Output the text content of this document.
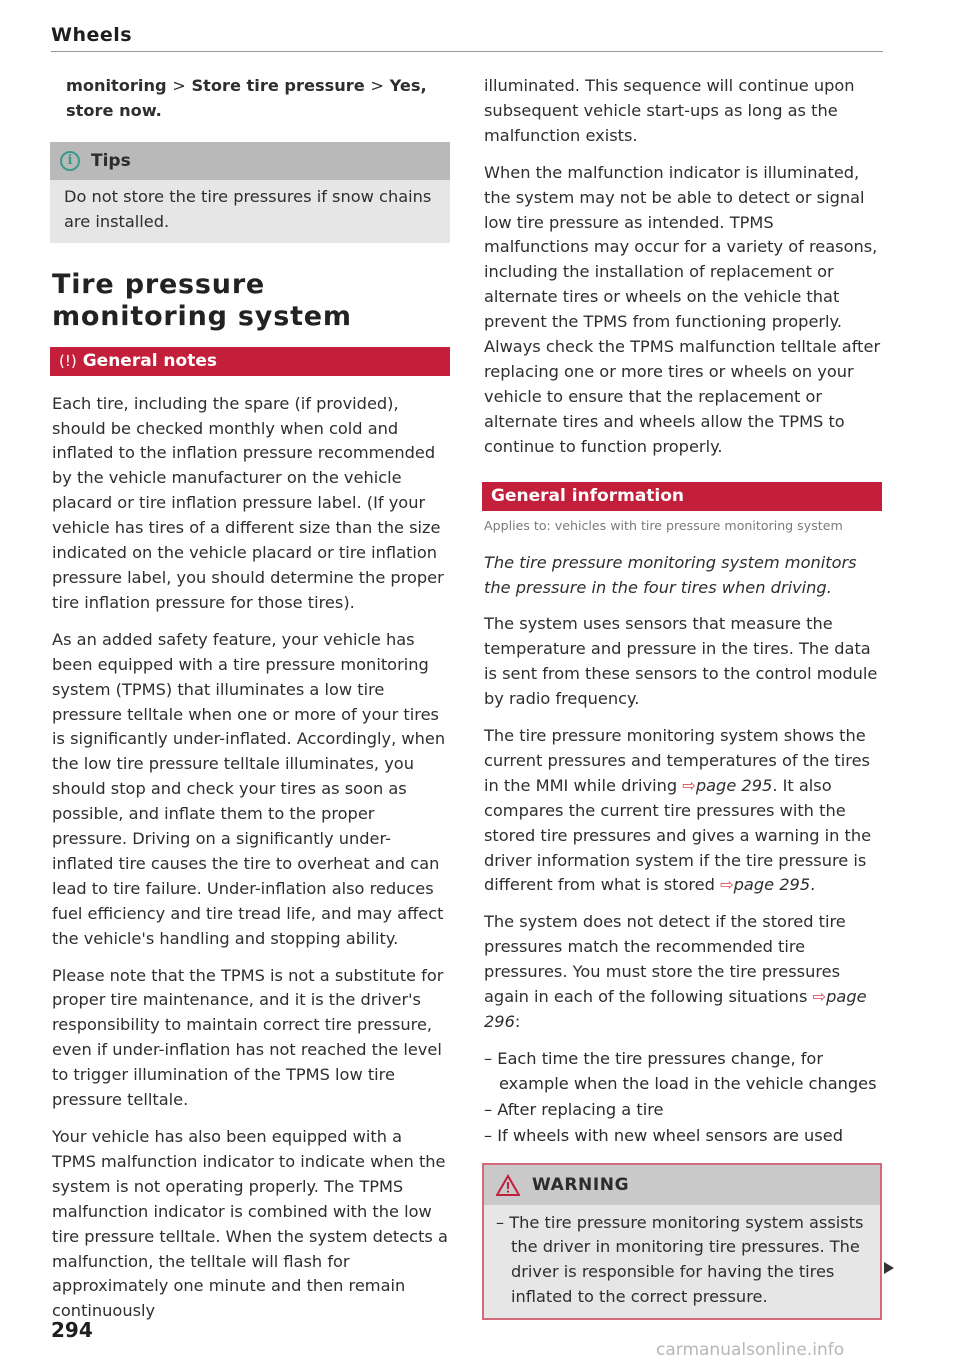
Wheels

monitoring > Store tire pressure > Yes, store now.

i	Tips

Do not store the tire pressures if snow chains are installed.

Tire pressure monitoring system
(!) General notes

Each tire, including the spare (if provided), should be checked monthly when cold and inflated to the inflation pressure recommended by the vehicle manufacturer on the vehicle placard or tire inflation pressure label. (If your vehicle has tires of a different size than the size indicated on the vehicle placard or tire inflation pressure label, you should determine the proper tire inflation pressure for those tires).

As an added safety feature, your vehicle has been equipped with a tire pressure monitoring system (TPMS) that illuminates a low tire pressure telltale when one or more of your tires is significantly under-inflated. Accordingly, when the low tire pressure telltale illuminates, you should stop and check your tires as soon as possible, and inflate them to the proper pressure. Driving on a significantly under-inflated tire causes the tire to overheat and can lead to tire failure. Under-inflation also reduces fuel efficiency and tire tread life, and may affect the vehicle's handling and stopping ability.

Please note that the TPMS is not a substitute for proper tire maintenance, and it is the driver's responsibility to maintain correct tire pressure, even if under-inflation has not reached the level to trigger illumination of the TPMS low tire pressure telltale.

Your vehicle has also been equipped with a TPMS malfunction indicator to indicate when the system is not operating properly. The TPMS malfunction indicator is combined with the low tire pressure telltale. When the system detects a malfunction, the telltale will flash for approximately one minute and then remain continuously

illuminated. This sequence will continue upon subsequent vehicle start-ups as long as the malfunction exists.

When the malfunction indicator is illuminated, the system may not be able to detect or signal low tire pressure as intended. TPMS malfunctions may occur for a variety of reasons, including the installation of replacement or alternate tires or wheels on the vehicle that prevent the TPMS from functioning properly. Always check the TPMS malfunction telltale after replacing one or more tires or wheels on your vehicle to ensure that the replacement or alternate tires and wheels allow the TPMS to continue to function properly.

General information

Applies to: vehicles with tire pressure monitoring system

The tire pressure monitoring system monitors the pressure in the four tires when driving.

The system uses sensors that measure the temperature and pressure in the tires. The data is sent from these sensors to the control module by radio frequency.

The tire pressure monitoring system shows the current pressures and temperatures of the tires in the MMI while driving ⇨page 295. It also compares the current tire pressures with the stored tire pressures and gives a warning in the driver information system if the tire pressure is different from what is stored ⇨page 295.

The system does not detect if the stored tire pressures match the recommended tire pressures. You must store the tire pressures again in each of the following situations ⇨page 296:

– Each time the tire pressures change, for example when the load in the vehicle changes
– After replacing a tire
– If wheels with new wheel sensors are used
WARNING

– The tire pressure monitoring system assists the driver in monitoring tire pressures. The driver is responsible for having the tires inflated to the correct pressure.

294
carmanualsonline.info
